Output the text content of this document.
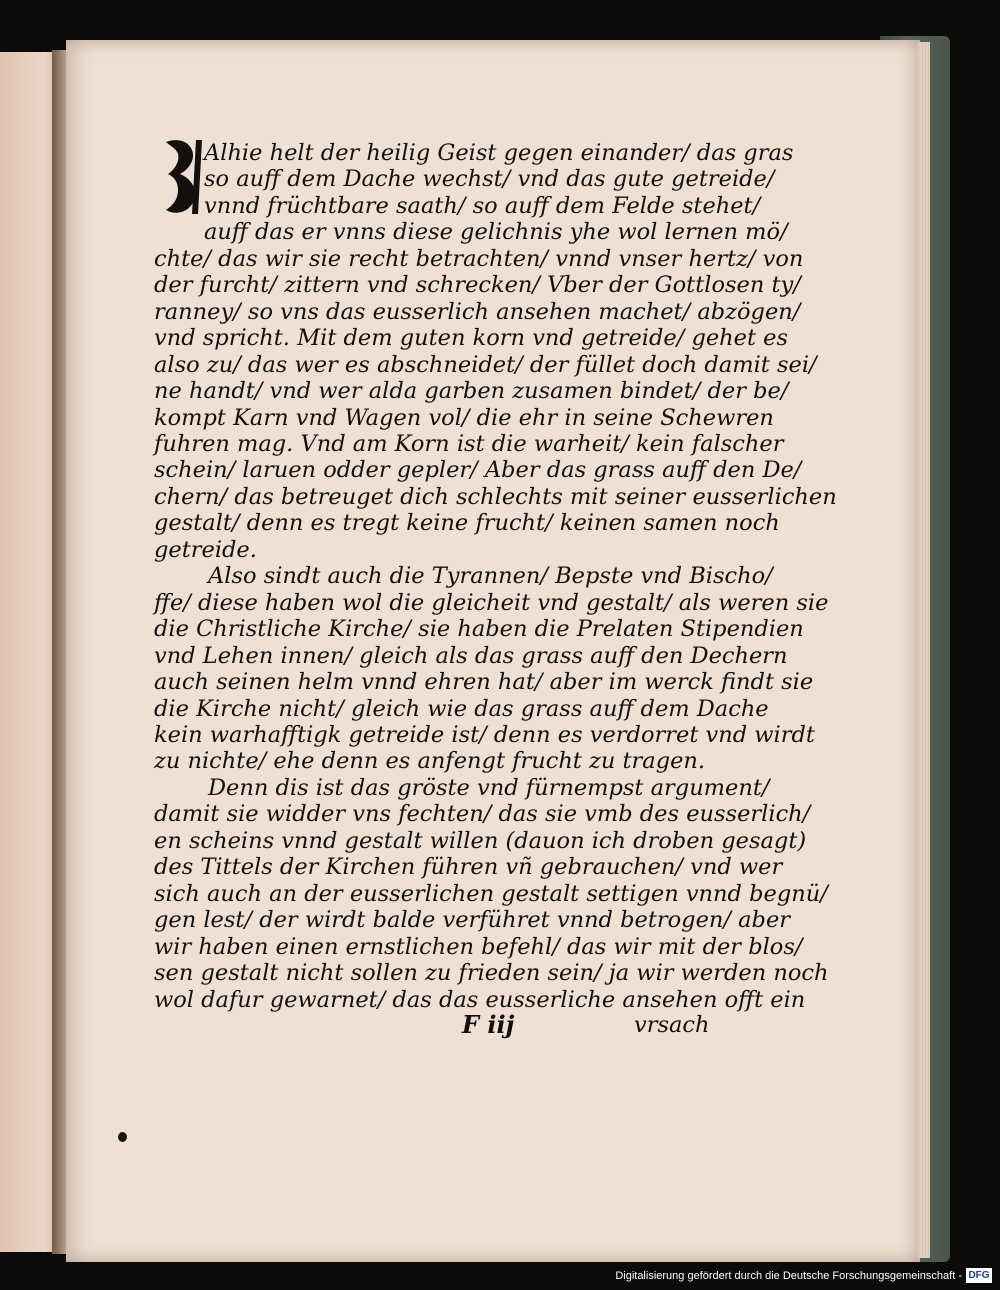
Alhie helt der heilig Geist gegen einander/ das gras
so auff dem Dache wechst/ vnd das gute getreide/
vnnd früchtbare saath/ so auff dem Felde stehet/
auff das er vnns diese gelichnis yhe wol lernen mö/
chte/ das wir sie recht betrachten/ vnnd vnser hertz/ von
der furcht/ zittern vnd schrecken/ Vber der Gottlosen ty/
ranney/ so vns das eusserlich ansehen machet/ abzögen/
vnd spricht. Mit dem guten korn vnd getreide/ gehet es
also zu/ das wer es abschneidet/ der füllet doch damit sei/
ne handt/ vnd wer alda garben zusamen bindet/ der be/
kompt Karn vnd Wagen vol/ die ehr in seine Schewren
fuhren mag. Vnd am Korn ist die warheit/ kein falscher
schein/ laruen odder gepler/ Aber das grass auff den De/
chern/ das betreuget dich schlechts mit seiner eusserlichen
gestalt/ denn es tregt keine frucht/ keinen samen noch
getreide.
Also sindt auch die Tyrannen/ Bepste vnd Bischo/
ffe/ diese haben wol die gleicheit vnd gestalt/ als weren sie
die Christliche Kirche/ sie haben die Prelaten Stipendien
vnd Lehen innen/ gleich als das grass auff den Dechern
auch seinen helm vnnd ehren hat/ aber im werck findt sie
die Kirche nicht/ gleich wie das grass auff dem Dache
kein warhafftigk getreide ist/ denn es verdorret vnd wirdt
zu nichte/ ehe denn es anfengt frucht zu tragen.
Denn dis ist das gröste vnd fürnempst argument/
damit sie widder vns fechten/ das sie vmb des eusserlich/
en scheins vnnd gestalt willen (dauon ich droben gesagt)
des Tittels der Kirchen führen vñ gebrauchen/ vnd wer
sich auch an der eusserlichen gestalt settigen vnnd begnü/
gen lest/ der wirdt balde verführet vnnd betrogen/ aber
wir haben einen ernstlichen befehl/ das wir mit der blos/
sen gestalt nicht sollen zu frieden sein/ ja wir werden noch
wol dafur gewarnet/ das das eusserliche ansehen offt ein
F iij	vrsach
Digitalisierung gefördert durch die Deutsche Forschungsgemeinschaft - DFG
